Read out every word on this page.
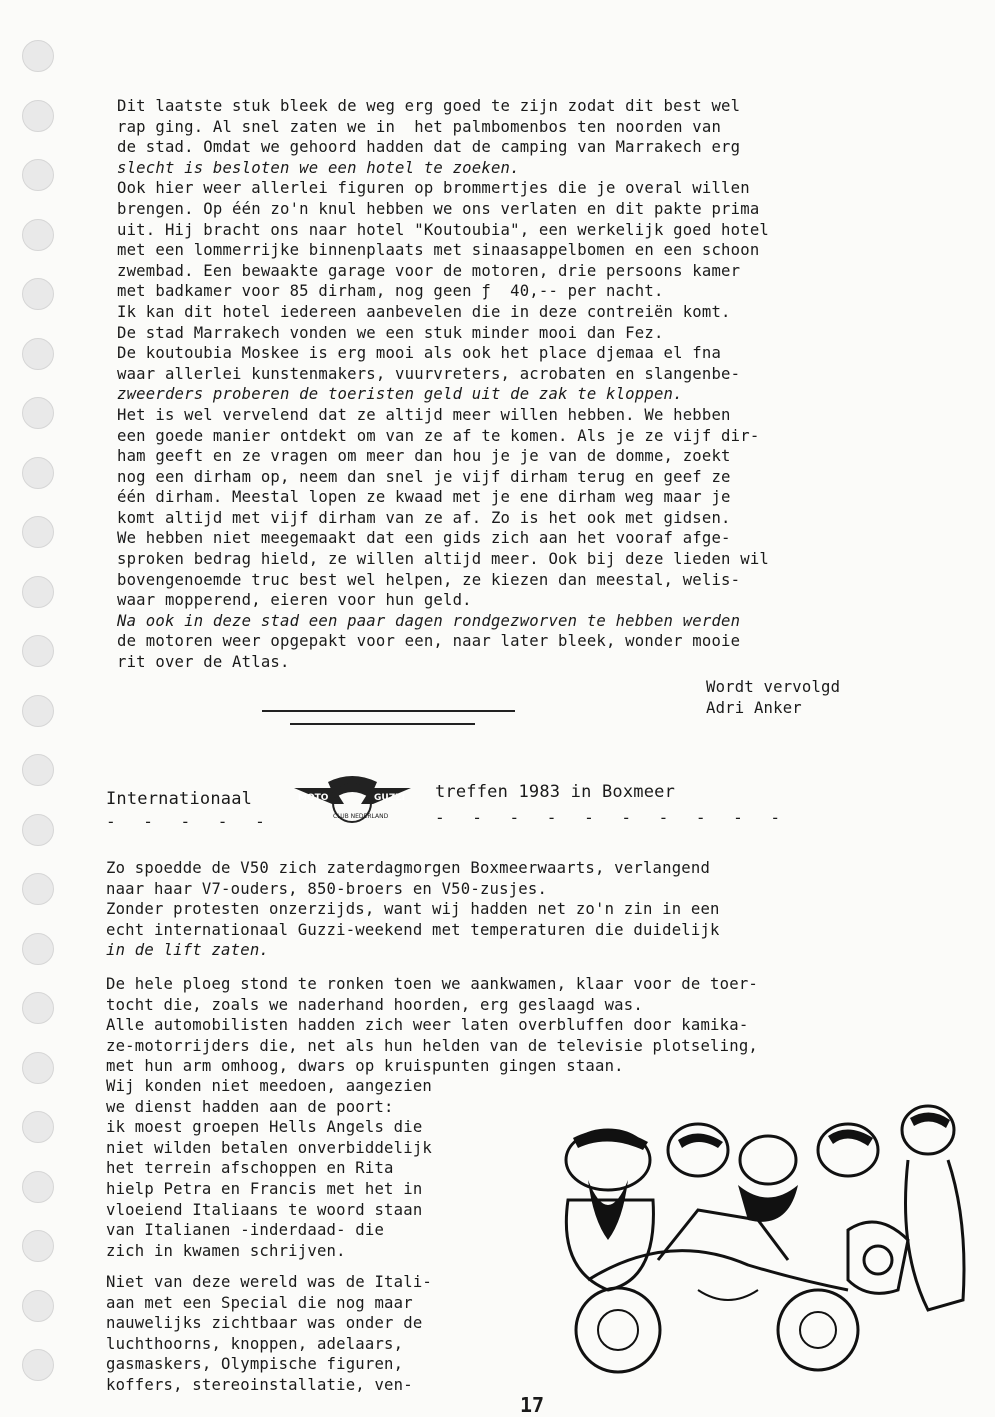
Dit laatste stuk bleek de weg erg goed te zijn zodat dit best wel
rap ging. Al snel zaten we in  het palmbomenbos ten noorden van
de stad. Omdat we gehoord hadden dat de camping van Marrakech erg
slecht is besloten we een hotel te zoeken.
Ook hier weer allerlei figuren op brommertjes die je overal willen
brengen. Op één zo'n knul hebben we ons verlaten en dit pakte prima
uit. Hij bracht ons naar hotel "Koutoubia", een werkelijk goed hotel
met een lommerrijke binnenplaats met sinaasappelbomen en een schoon
zwembad. Een bewaakte garage voor de motoren, drie persoons kamer
met badkamer voor 85 dirham, nog geen ƒ  40,-- per nacht.
Ik kan dit hotel iedereen aanbevelen die in deze contreiën komt.
De stad Marrakech vonden we een stuk minder mooi dan Fez.
De koutoubia Moskee is erg mooi als ook het place djemaa el fna
waar allerlei kunstenmakers, vuurvreters, acrobaten en slangenbe-
zweerders proberen de toeristen geld uit de zak te kloppen.
Het is wel vervelend dat ze altijd meer willen hebben. We hebben
een goede manier ontdekt om van ze af te komen. Als je ze vijf dir-
ham geeft en ze vragen om meer dan hou je je van de domme, zoekt
nog een dirham op, neem dan snel je vijf dirham terug en geef ze
één dirham. Meestal lopen ze kwaad met je ene dirham weg maar je
komt altijd met vijf dirham van ze af. Zo is het ook met gidsen.
We hebben niet meegemaakt dat een gids zich aan het vooraf afge-
sproken bedrag hield, ze willen altijd meer. Ook bij deze lieden wil
bovengenoemde truc best wel helpen, ze kiezen dan meestal, welis-
waar mopperend, eieren voor hun geld.
Na ook in deze stad een paar dagen rondgezworven te hebben werden
de motoren weer opgepakt voor een, naar later bleek, wonder mooie
rit over de Atlas.
Wordt vervolgd
Adri Anker
Internationaal
- - - - -
MOTO	GUZZI
CLUB NEDERLAND
treffen 1983 in Boxmeer
- - - - - - - - - -
Zo spoedde de V50 zich zaterdagmorgen Boxmeerwaarts, verlangend
naar haar V7-ouders, 850-broers en V50-zusjes.
Zonder protesten onzerzijds, want wij hadden net zo'n zin in een
echt internationaal Guzzi-weekend met temperaturen die duidelijk
in de lift zaten.
De hele ploeg stond te ronken toen we aankwamen, klaar voor de toer-
tocht die, zoals we naderhand hoorden, erg geslaagd was.
Alle automobilisten hadden zich weer laten overbluffen door kamika-
ze-motorrijders die, net als hun helden van de televisie plotseling,
met hun arm omhoog, dwars op kruispunten gingen staan.
Wij konden niet meedoen, aangezien
we dienst hadden aan de poort:
ik moest groepen Hells Angels die
niet wilden betalen onverbiddelijk
het terrein afschoppen en Rita
hielp Petra en Francis met het in
vloeiend Italiaans te woord staan
van Italianen -inderdaad- die
zich in kwamen schrijven.
Niet van deze wereld was de Itali-
aan met een Special die nog maar
nauwelijks zichtbaar was onder de
luchthoorns, knoppen, adelaars,
gasmaskers, Olympische figuren,
koffers, stereoinstallatie, ven-
17
